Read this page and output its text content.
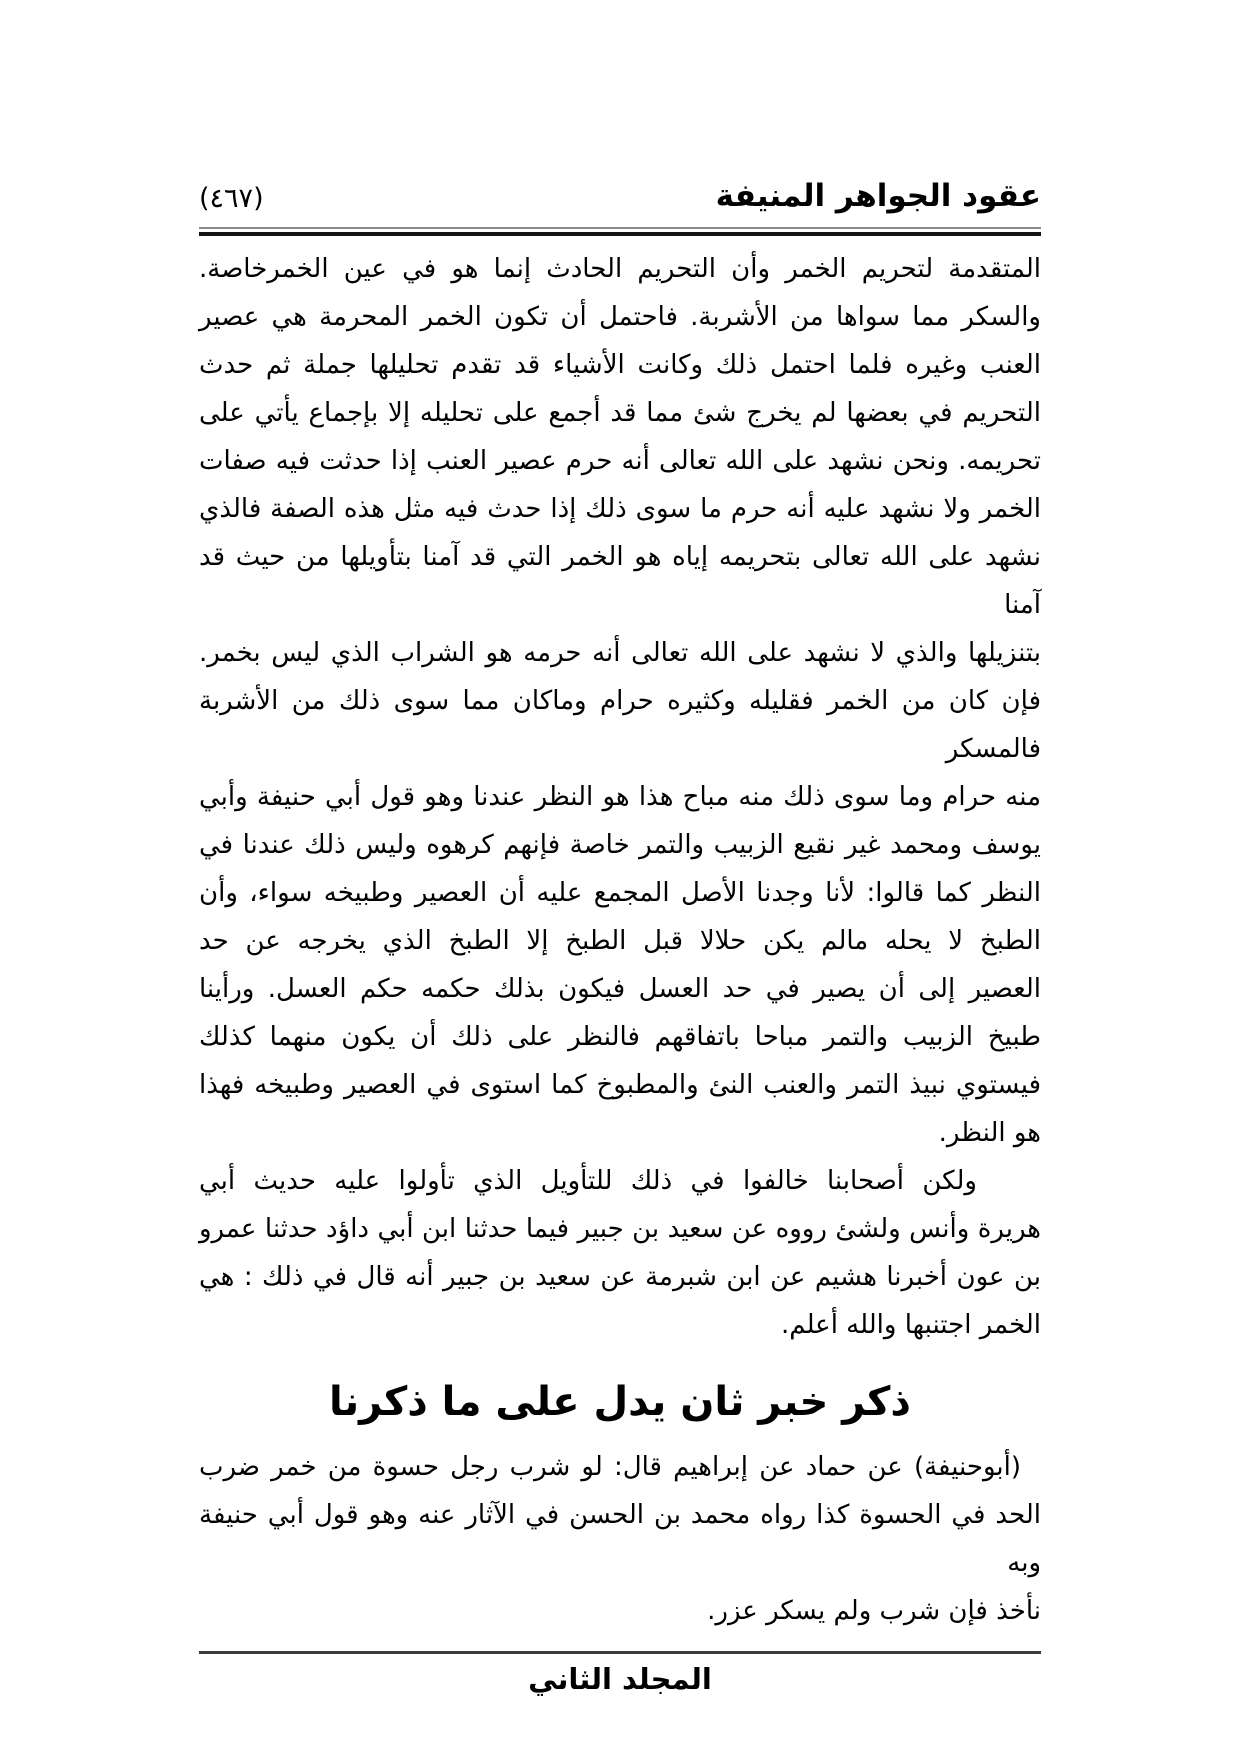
عقود الجواهر المنيفة
(٤٦٧)
المتقدمة لتحريم الخمر وأن التحريم الحادث إنما هو في عين الخمرخاصة.
والسكر مما سواها من الأشربة. فاحتمل أن تكون الخمر المحرمة هي عصير
العنب وغيره فلما احتمل ذلك وكانت الأشياء قد تقدم تحليلها جملة ثم حدث
التحريم في بعضها لم يخرج شئ مما قد أجمع على تحليله إلا بإجماع يأتي على
تحريمه. ونحن نشهد على الله تعالى أنه حرم عصير العنب إذا حدثت فيه صفات
الخمر ولا نشهد عليه أنه حرم ما سوى ذلك إذا حدث فيه مثل هذه الصفة فالذي
نشهد على الله تعالى بتحريمه إياه هو الخمر التي قد آمنا بتأويلها من حيث قد آمنا
بتنزيلها والذي لا نشهد على الله تعالى أنه حرمه هو الشراب الذي ليس بخمر.
فإن كان من الخمر فقليله وكثيره حرام وماكان مما سوى ذلك من الأشربة فالمسكر
منه حرام وما سوى ذلك منه مباح هذا هو النظر عندنا وهو قول أبي حنيفة وأبي
يوسف ومحمد غير نقيع الزبيب والتمر خاصة فإنهم كرهوه وليس ذلك عندنا في
النظر كما قالوا: لأنا وجدنا الأصل المجمع عليه أن العصير وطبيخه سواء، وأن
الطبخ لا يحله مالم يكن حلالا قبل الطبخ إلا الطبخ الذي يخرجه عن حد
العصير إلى أن يصير في حد العسل فيكون بذلك حكمه حكم العسل. ورأينا
طبيخ الزبيب والتمر مباحا باتفاقهم فالنظر على ذلك أن يكون منهما كذلك
فيستوي نبيذ التمر والعنب النئ والمطبوخ كما استوى في العصير وطبيخه فهذا
هو النظر.
ولكن أصحابنا خالفوا في ذلك للتأويل الذي تأولوا عليه حديث أبي
هريرة وأنس ولشئ رووه عن سعيد بن جبير فيما حدثنا ابن أبي داؤد حدثنا عمرو
بن عون أخبرنا هشيم عن ابن شبرمة عن سعيد بن جبير أنه قال في ذلك : هي
الخمر اجتنبها والله أعلم.
ذكر خبر ثان يدل على ما ذكرنا
(أبوحنيفة) عن حماد عن إبراهيم قال: لو شرب رجل حسوة من خمر ضرب
الحد في الحسوة كذا رواه محمد بن الحسن في الآثار عنه وهو قول أبي حنيفة وبه
نأخذ فإن شرب ولم يسكر عزر.
المجلد الثاني
